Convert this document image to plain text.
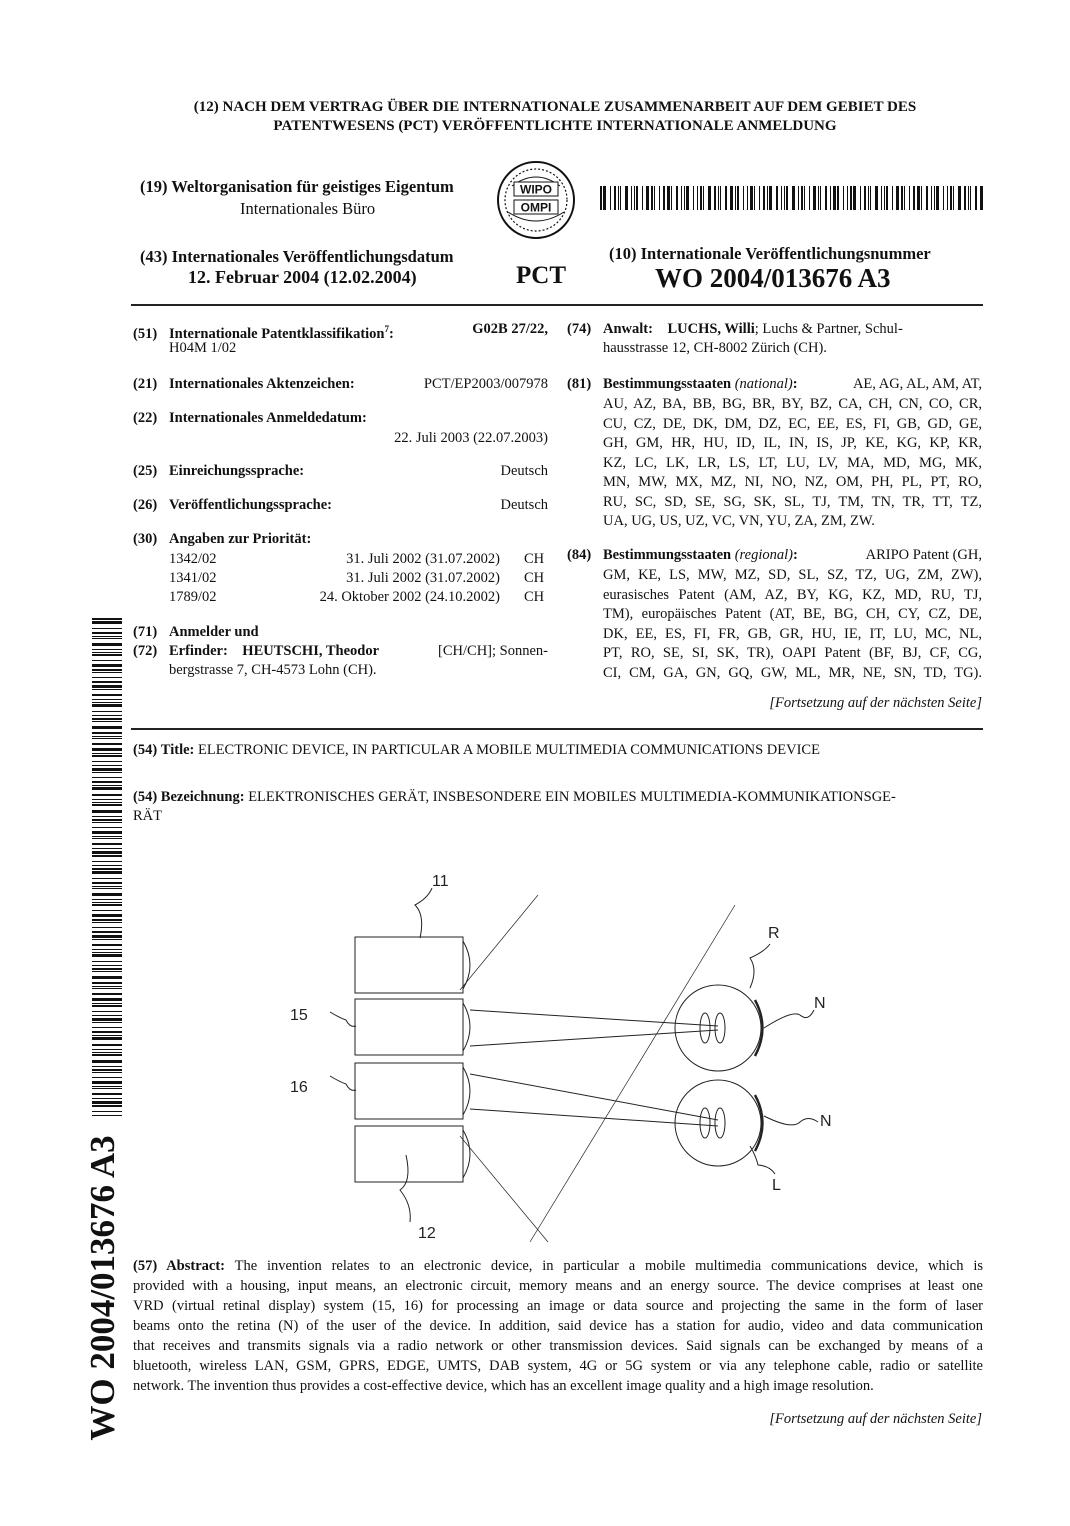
(12) NACH DEM VERTRAG ÜBER DIE INTERNATIONALE ZUSAMMENARBEIT AUF DEM GEBIET DES
PATENTWESENS (PCT) VERÖFFENTLICHTE INTERNATIONALE ANMELDUNG
(19) Weltorganisation für geistiges Eigentum
Internationales Büro
WIPO
OMPI
(43) Internationales Veröffentlichungsdatum
12. Februar 2004 (12.02.2004)	PCT
(10) Internationale Veröffentlichungsnummer
WO 2004/013676 A3
(51) Internationale Patentklassifikation$^7$:	G02B 27/22,
H04M 1/02
(21) Internationales Aktenzeichen:	PCT/EP2003/007978
(22) Internationales Anmeldedatum:
22. Juli 2003 (22.07.2003)
(25) Einreichungssprache:	Deutsch
(26) Veröffentlichungssprache:	Deutsch
(30) Angaben zur Priorität:
1342/02	31. Juli 2002 (31.07.2002) CH
1341/02	31. Juli 2002 (31.07.2002) CH
1789/02	24. Oktober 2002 (24.10.2002) CH
(71) Anmelder und
(72) Erfinder: HEUTSCHI, Theodor	[CH/CH]; Sonnen-
bergstrasse 7, CH-4573 Lohn (CH).
(74) Anwalt: LUCHS, Willi; Luchs & Partner, Schul-
hausstrasse 12, CH-8002 Zürich (CH).
(81) Bestimmungsstaaten (national):	AE, AG, AL, AM, AT,
AU, AZ, BA, BB, BG, BR, BY, BZ, CA, CH, CN, CO, CR,
CU, CZ, DE, DK, DM, DZ, EC, EE, ES, FI, GB, GD, GE,
GH, GM, HR, HU, ID, IL, IN, IS, JP, KE, KG, KP, KR,
KZ, LC, LK, LR, LS, LT, LU, LV, MA, MD, MG, MK,
MN, MW, MX, MZ, NI, NO, NZ, OM, PH, PL, PT, RO,
RU, SC, SD, SE, SG, SK, SL, TJ, TM, TN, TR, TT, TZ,
UA, UG, US, UZ, VC, VN, YU, ZA, ZM, ZW.
(84) Bestimmungsstaaten (regional):	ARIPO Patent (GH,
GM, KE, LS, MW, MZ, SD, SL, SZ, TZ, UG, ZM, ZW),
eurasisches Patent (AM, AZ, BY, KG, KZ, MD, RU, TJ,
TM), europäisches Patent (AT, BE, BG, CH, CY, CZ, DE,
DK, EE, ES, FI, FR, GB, GR, HU, IE, IT, LU, MC, NL,
PT, RO, SE, SI, SK, TR), OAPI Patent (BF, BJ, CF, CG,
CI, CM, GA, GN, GQ, GW, ML, MR, NE, SN, TD, TG).
[Fortsetzung auf der nächsten Seite]
(54) Title: ELECTRONIC DEVICE, IN PARTICULAR A MOBILE MULTIMEDIA COMMUNICATIONS DEVICE
(54) Bezeichnung: ELEKTRONISCHES GERÄT, INSBESONDERE EIN MOBILES MULTIMEDIA-KOMMUNIKATIONSGE-
RÄT
11
15
16
12
R
N
N
L
(57) Abstract: The invention relates to an electronic device, in particular a mobile multimedia communications device, which is
provided with a housing, input means, an electronic circuit, memory means and an energy source. The device comprises at least one
VRD (virtual retinal display) system (15, 16) for processing an image or data source and projecting the same in the form of laser
beams onto the retina (N) of the user of the device. In addition, said device has a station for audio, video and data communication
that receives and transmits signals via a radio network or other transmission devices. Said signals can be exchanged by means of a
bluetooth, wireless LAN, GSM, GPRS, EDGE, UMTS, DAB system, 4G or 5G system or via any telephone cable, radio or satellite
network. The invention thus provides a cost-effective device, which has an excellent image quality and a high image resolution.
[Fortsetzung auf der nächsten Seite]
WO 2004/013676 A3
